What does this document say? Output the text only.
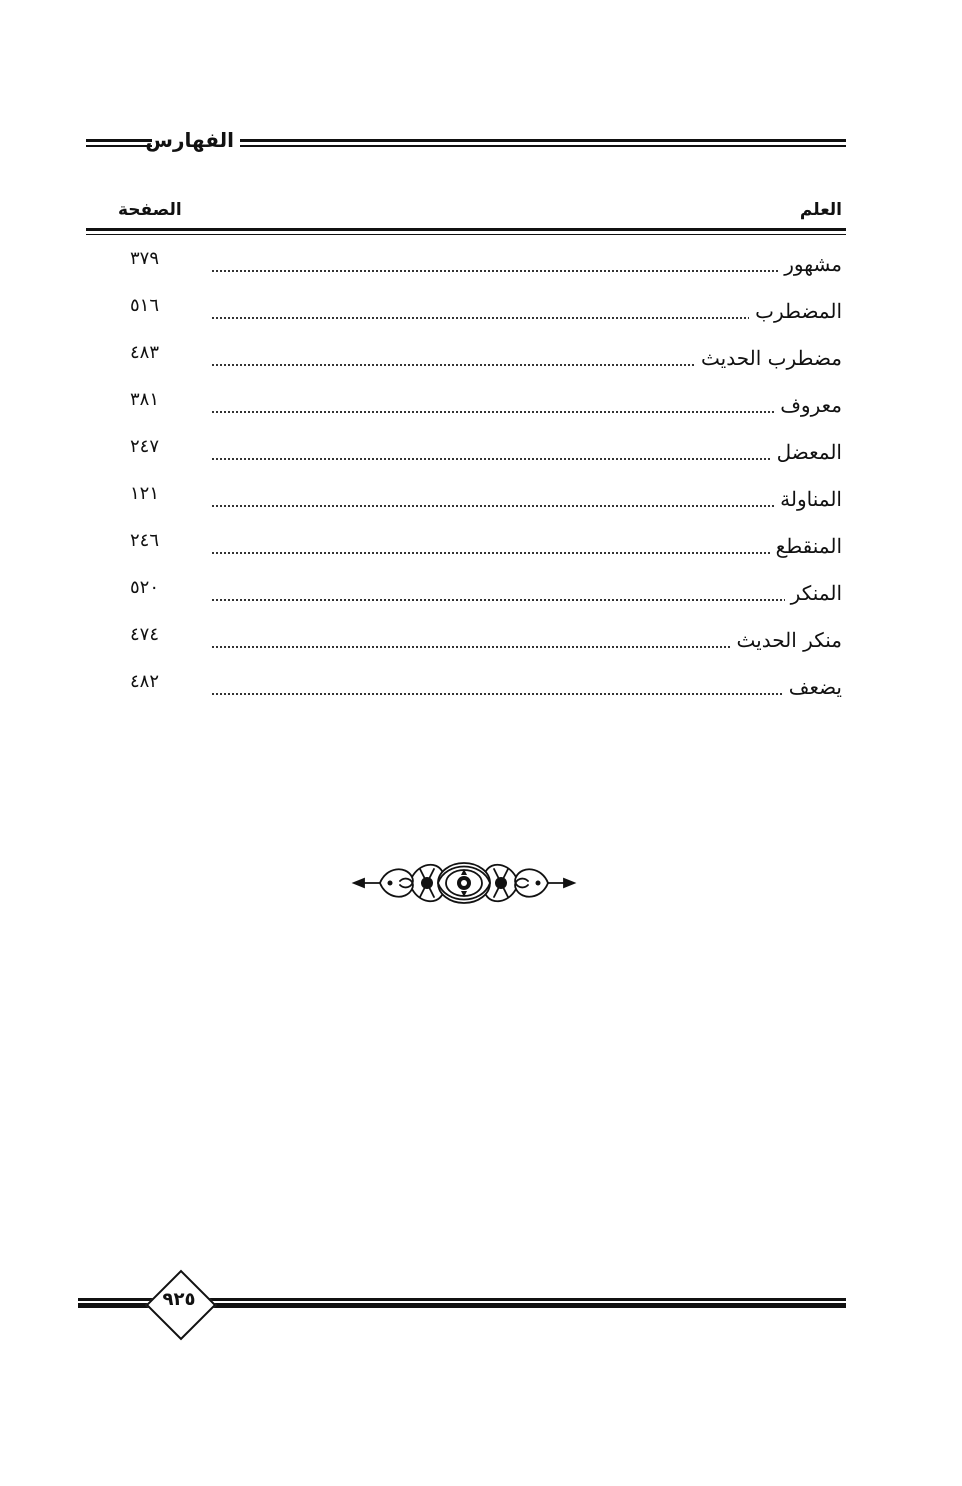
الفهارس
العلم
الصفحة
مشهور
٣٧٩
المضطرب
٥١٦
مضطرب الحديث
٤٨٣
معروف
٣٨١
المعضل
٢٤٧
المناولة
١٢١
المنقطع
٢٤٦
المنكر
٥٢٠
منكر الحديث
٤٧٤
يضعف
٤٨٢
٩٢٥
